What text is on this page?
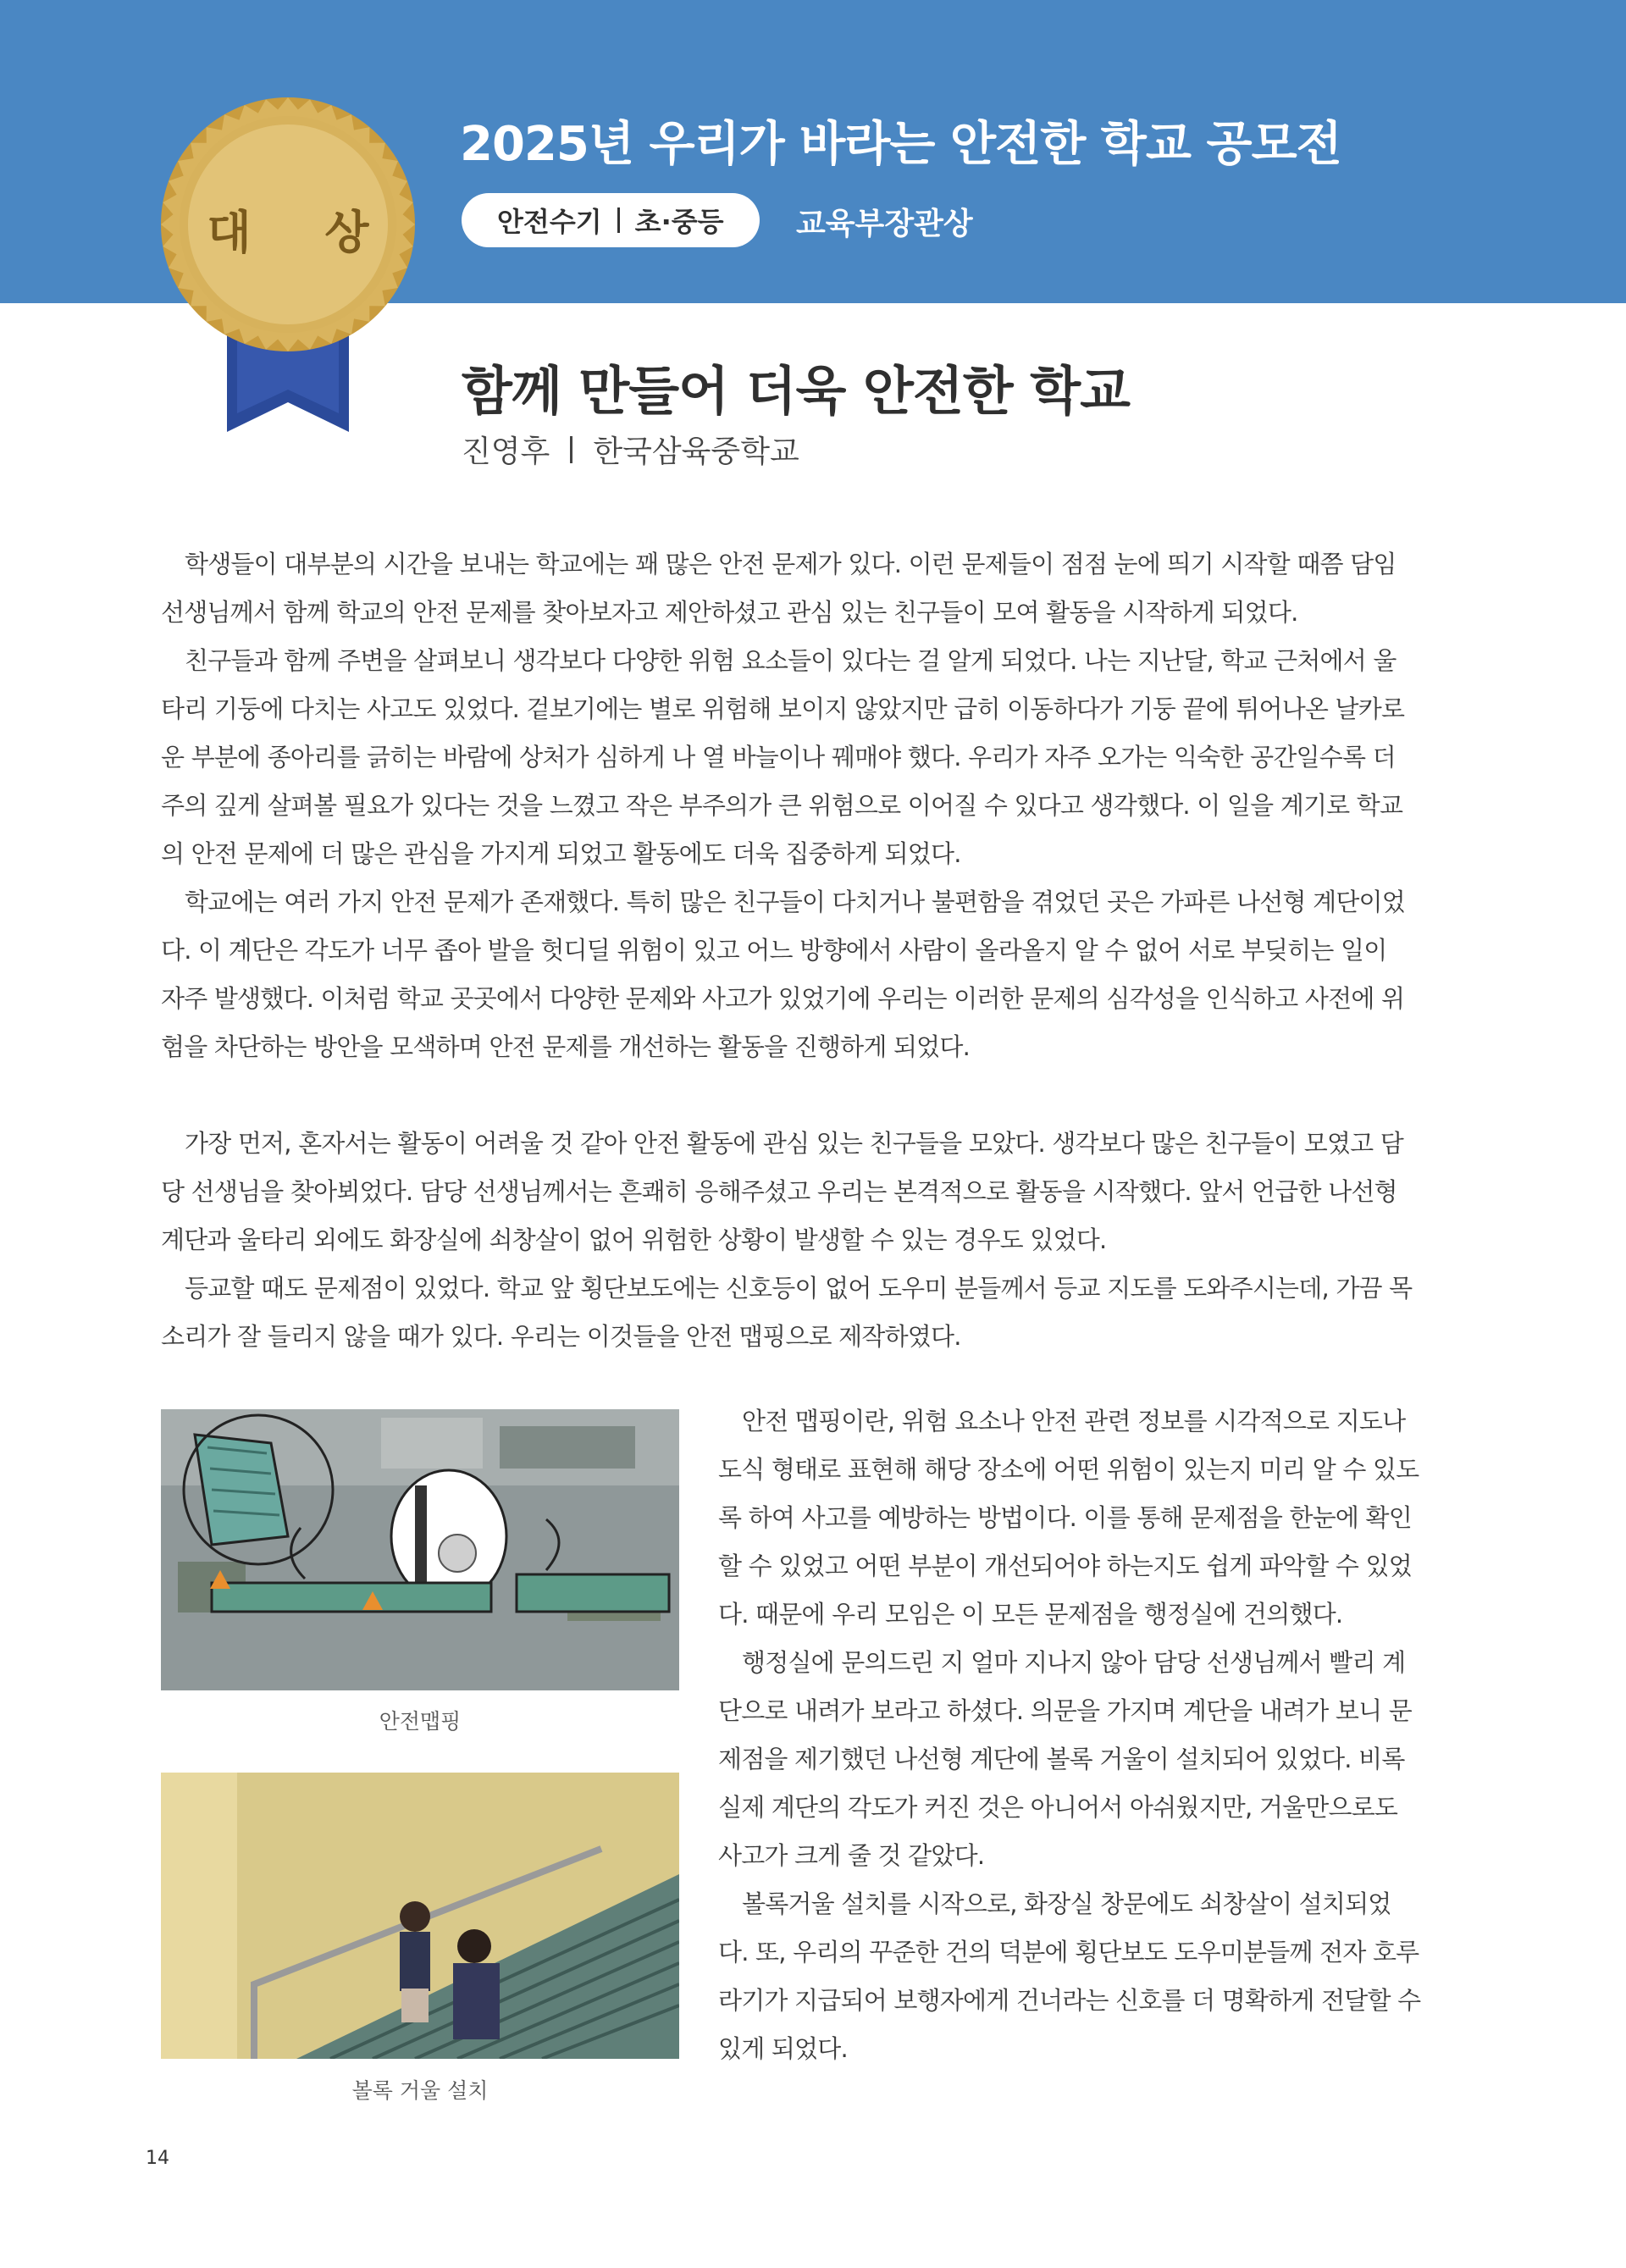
대 상
2025년 우리가 바라는 안전한 학교 공모전
안전수기 초·중등 교육부장관상
함께 만들어 더욱 안전한 학교
진영후 한국삼육중학교

학생들이 대부분의 시간을 보내는 학교에는 꽤 많은 안전 문제가 있다. 이런 문제들이 점점 눈에 띄기 시작할 때쯤 담임 선생님께서 함께 학교의 안전 문제를 찾아보자고 제안하셨고 관심 있는 친구들이 모여 활동을 시작하게 되었다.

친구들과 함께 주변을 살펴보니 생각보다 다양한 위험 요소들이 있다는 걸 알게 되었다. 나는 지난달, 학교 근처에서 울타리 기둥에 다치는 사고도 있었다. 겉보기에는 별로 위험해 보이지 않았지만 급히 이동하다가 기둥 끝에 튀어나온 날카로운 부분에 종아리를 긁히는 바람에 상처가 심하게 나 열 바늘이나 꿰매야 했다. 우리가 자주 오가는 익숙한 공간일수록 더 주의 깊게 살펴볼 필요가 있다는 것을 느꼈고 작은 부주의가 큰 위험으로 이어질 수 있다고 생각했다. 이 일을 계기로 학교의 안전 문제에 더 많은 관심을 가지게 되었고 활동에도 더욱 집중하게 되었다.

학교에는 여러 가지 안전 문제가 존재했다. 특히 많은 친구들이 다치거나 불편함을 겪었던 곳은 가파른 나선형 계단이었다. 이 계단은 각도가 너무 좁아 발을 헛디딜 위험이 있고 어느 방향에서 사람이 올라올지 알 수 없어 서로 부딪히는 일이 자주 발생했다. 이처럼 학교 곳곳에서 다양한 문제와 사고가 있었기에 우리는 이러한 문제의 심각성을 인식하고 사전에 위험을 차단하는 방안을 모색하며 안전 문제를 개선하는 활동을 진행하게 되었다.

가장 먼저, 혼자서는 활동이 어려울 것 같아 안전 활동에 관심 있는 친구들을 모았다. 생각보다 많은 친구들이 모였고 담당 선생님을 찾아뵈었다. 담당 선생님께서는 흔쾌히 응해주셨고 우리는 본격적으로 활동을 시작했다. 앞서 언급한 나선형 계단과 울타리 외에도 화장실에 쇠창살이 없어 위험한 상황이 발생할 수 있는 경우도 있었다.

등교할 때도 문제점이 있었다. 학교 앞 횡단보도에는 신호등이 없어 도우미 분들께서 등교 지도를 도와주시는데, 가끔 목소리가 잘 들리지 않을 때가 있다. 우리는 이것들을 안전 맵핑으로 제작하였다.

안전맵핑
볼록 거울 설치

안전 맵핑이란, 위험 요소나 안전 관련 정보를 시각적으로 지도나 도식 형태로 표현해 해당 장소에 어떤 위험이 있는지 미리 알 수 있도록 하여 사고를 예방하는 방법이다. 이를 통해 문제점을 한눈에 확인할 수 있었고 어떤 부분이 개선되어야 하는지도 쉽게 파악할 수 있었다. 때문에 우리 모임은 이 모든 문제점을 행정실에 건의했다.

행정실에 문의드린 지 얼마 지나지 않아 담당 선생님께서 빨리 계단으로 내려가 보라고 하셨다. 의문을 가지며 계단을 내려가 보니 문제점을 제기했던 나선형 계단에 볼록 거울이 설치되어 있었다. 비록 실제 계단의 각도가 커진 것은 아니어서 아쉬웠지만, 거울만으로도 사고가 크게 줄 것 같았다.

볼록거울 설치를 시작으로, 화장실 창문에도 쇠창살이 설치되었다. 또, 우리의 꾸준한 건의 덕분에 횡단보도 도우미분들께 전자 호루라기가 지급되어 보행자에게 건너라는 신호를 더 명확하게 전달할 수 있게 되었다.

14
